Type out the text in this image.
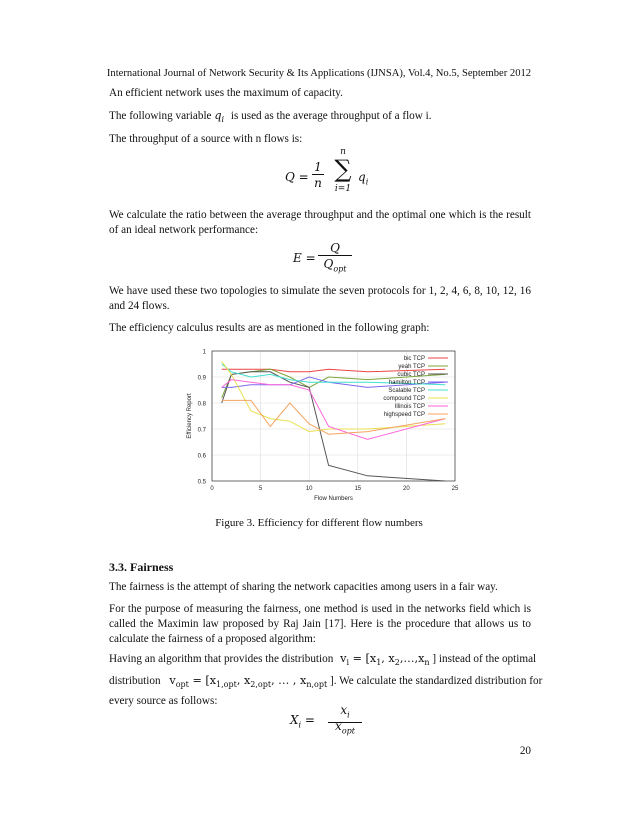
International Journal of Network Security & Its Applications (IJNSA), Vol.4, No.5, September 2012
An efficient network uses the maximum of capacity.
The following variable $q_i$ is used as the average throughput of a flow i.
The throughput of a source with n flows is:
Q =
1
n
n
∑
i=1
$q_i$
We calculate the ratio between the average throughput and the optimal one which is the result of an ideal network performance:
E =
Q
$Q_{opt}$
We have used these two topologies to simulate the seven protocols for 1, 2, 4, 6, 8, 10, 12, 16 and 24 flows.
The efficiency calculus results are as mentioned in the following graph:
0.5
0.6
0.7
0.8
0.9
1
0	5	10	15	20	25
bic TCP
yeah TCP
cubic TCP
hamilton TCP
Scalable TCP
compound TCP
Illinois TCP
highspeed TCP
Flow Numbers
Efficiency Report
Figure 3. Efficiency for different flow numbers
3.3. Fairness
The fairness is the attempt of sharing the network capacities among users in a fair way.
For the purpose of measuring the fairness, one method is used in the networks field which is called the Maximin law proposed by Raj Jain [17]. Here is the procedure that allows us to calculate the fairness of a proposed algorithm:
Having an algorithm that provides the distribution $v_i = [x_1$, $x_2,\dots,x_n$ ] instead of the optimal
distribution $v_{opt} = [x_{1,opt}$, $x_{2,opt}$, … , $x_{n,opt}$ ]. We calculate the standardized distribution for
every source as follows:
$X_i$ =
$x_i$
$x_{opt}$
20
